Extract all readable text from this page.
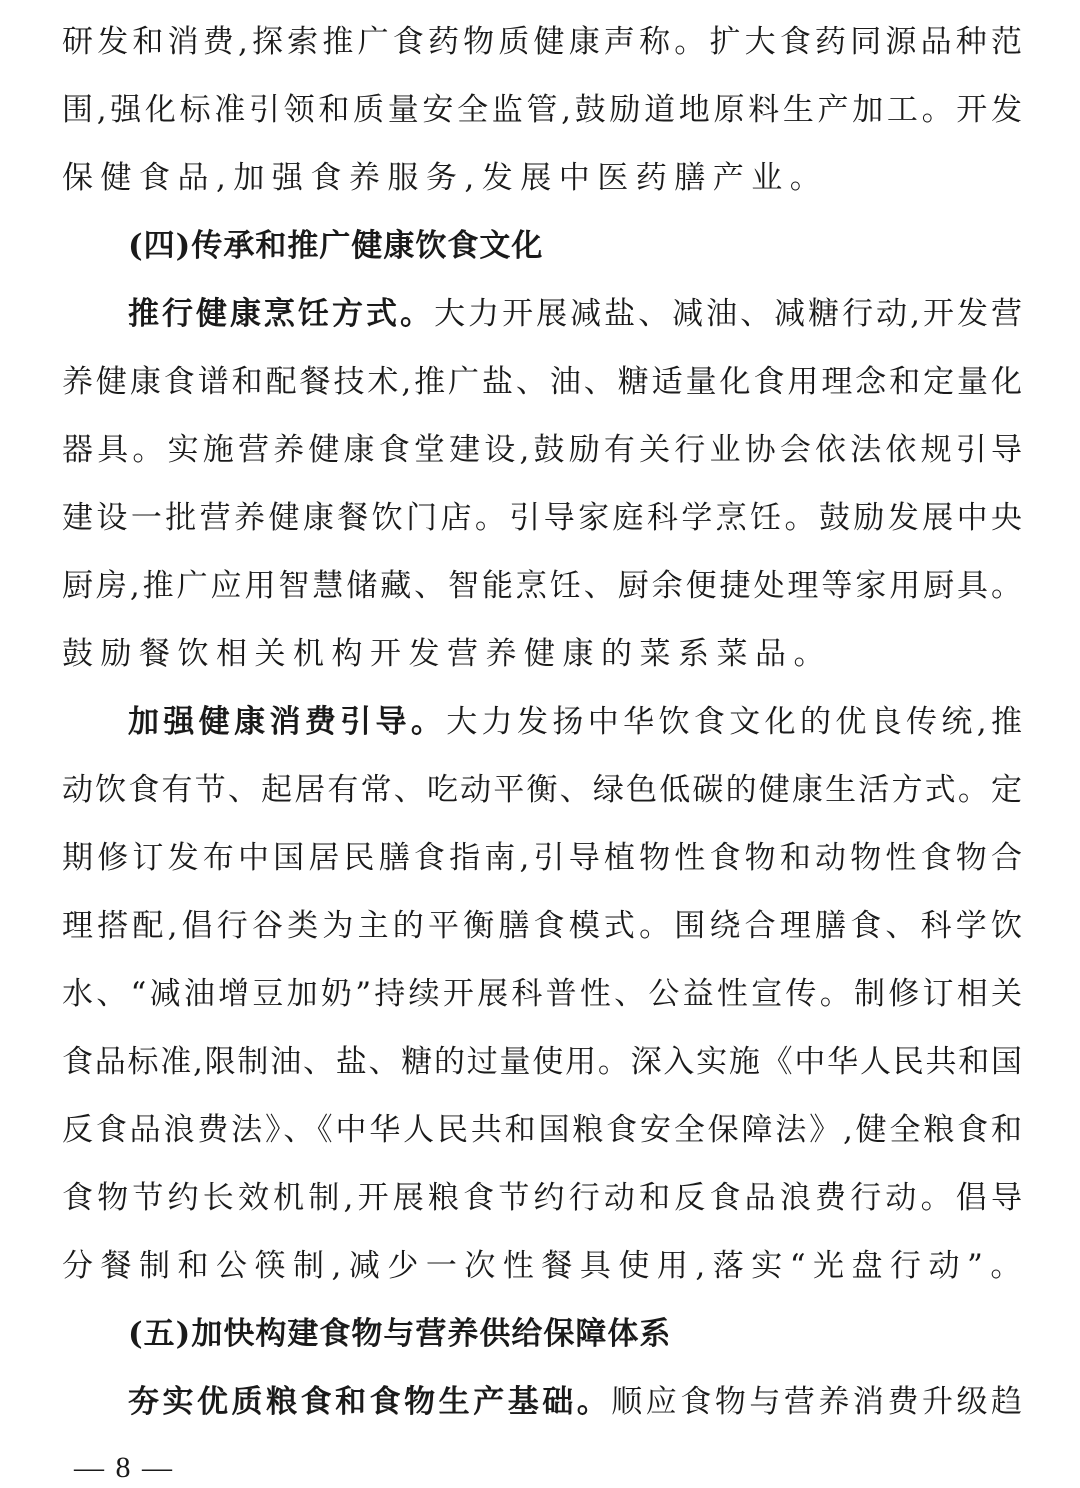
研发和消费,探索推广食药物质健康声称。扩大食药同源品种范
围,强化标准引领和质量安全监管,鼓励道地原料生产加工。开发
保健食品,加强食养服务,发展中医药膳产业。
(四)传承和推广健康饮食文化
推行健康烹饪方式。大力开展减盐、减油、减糖行动,开发营
养健康食谱和配餐技术,推广盐、油、糖适量化食用理念和定量化
器具。实施营养健康食堂建设,鼓励有关行业协会依法依规引导
建设一批营养健康餐饮门店。引导家庭科学烹饪。鼓励发展中央
厨房,推广应用智慧储藏、智能烹饪、厨余便捷处理等家用厨具。
鼓励餐饮相关机构开发营养健康的菜系菜品。
加强健康消费引导。大力发扬中华饮食文化的优良传统,推
动饮食有节、起居有常、吃动平衡、绿色低碳的健康生活方式。定
期修订发布中国居民膳食指南,引导植物性食物和动物性食物合
理搭配,倡行谷类为主的平衡膳食模式。围绕合理膳食、科学饮
水、“减油增豆加奶”持续开展科普性、公益性宣传。制修订相关
食品标准,限制油、盐、糖的过量使用。深入实施《中华人民共和国
反食品浪费法》、《中华人民共和国粮食安全保障法》,健全粮食和
食物节约长效机制,开展粮食节约行动和反食品浪费行动。倡导
分餐制和公筷制,减少一次性餐具使用,落实“光盘行动”。
(五)加快构建食物与营养供给保障体系
夯实优质粮食和食物生产基础。顺应食物与营养消费升级趋
— 8 —
